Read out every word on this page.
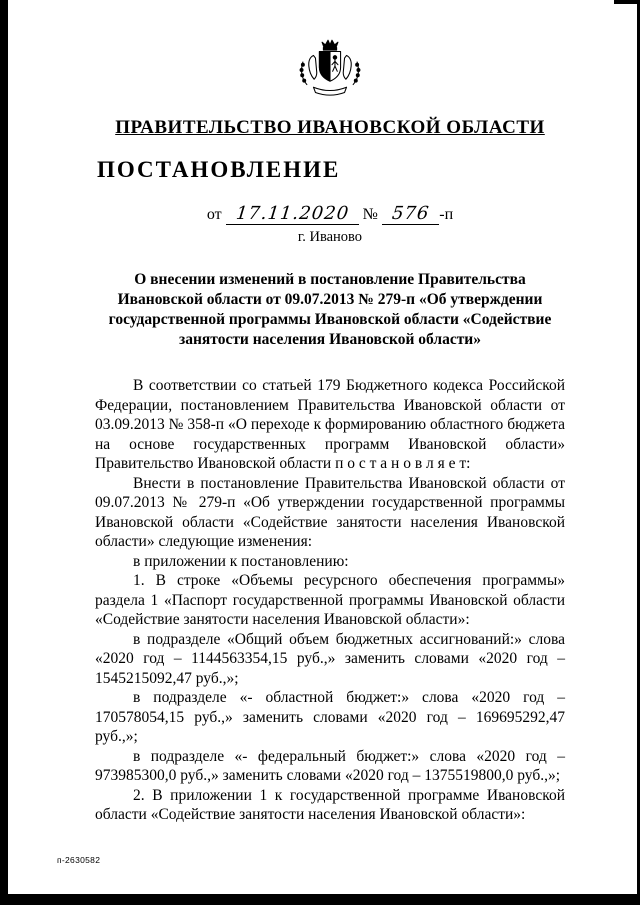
ПРАВИТЕЛЬСТВО ИВАНОВСКОЙ ОБЛАСТИ
ПОСТАНОВЛЕНИЕ
от 17.11.2020 № 576 -п
г. Иваново
О внесении изменений в постановление Правительства Ивановской области от 09.07.2013 № 279-п «Об утверждении государственной программы Ивановской области «Содействие занятости населения Ивановской области»

В соответствии со статьей 179 Бюджетного кодекса Российской Федерации, постановлением Правительства Ивановской области от 03.09.2013 № 358-п «О переходе к формированию областного бюджета на основе государственных программ Ивановской области» Правительство Ивановской области п о с т а н о в л я е т:

Внести в постановление Правительства Ивановской области от 09.07.2013 № 279-п «Об утверждении государственной программы Ивановской области «Содействие занятости населения Ивановской области» следующие изменения:

в приложении к постановлению:

1. В строке «Объемы ресурсного обеспечения программы» раздела 1 «Паспорт государственной программы Ивановской области «Содействие занятости населения Ивановской области»:

в подразделе «Общий объем бюджетных ассигнований:» слова «2020 год – 1144563354,15 руб.,» заменить словами «2020 год – 1545215092,47 руб.,»;

в подразделе «- областной бюджет:» слова «2020 год – 170578054,15 руб.,» заменить словами «2020 год – 169695292,47 руб.,»;

в подразделе «- федеральный бюджет:» слова «2020 год – 973985300,0 руб.,» заменить словами «2020 год – 1375519800,0 руб.,»;

2. В приложении 1 к государственной программе Ивановской области «Содействие занятости населения Ивановской области»:

п-2630582
